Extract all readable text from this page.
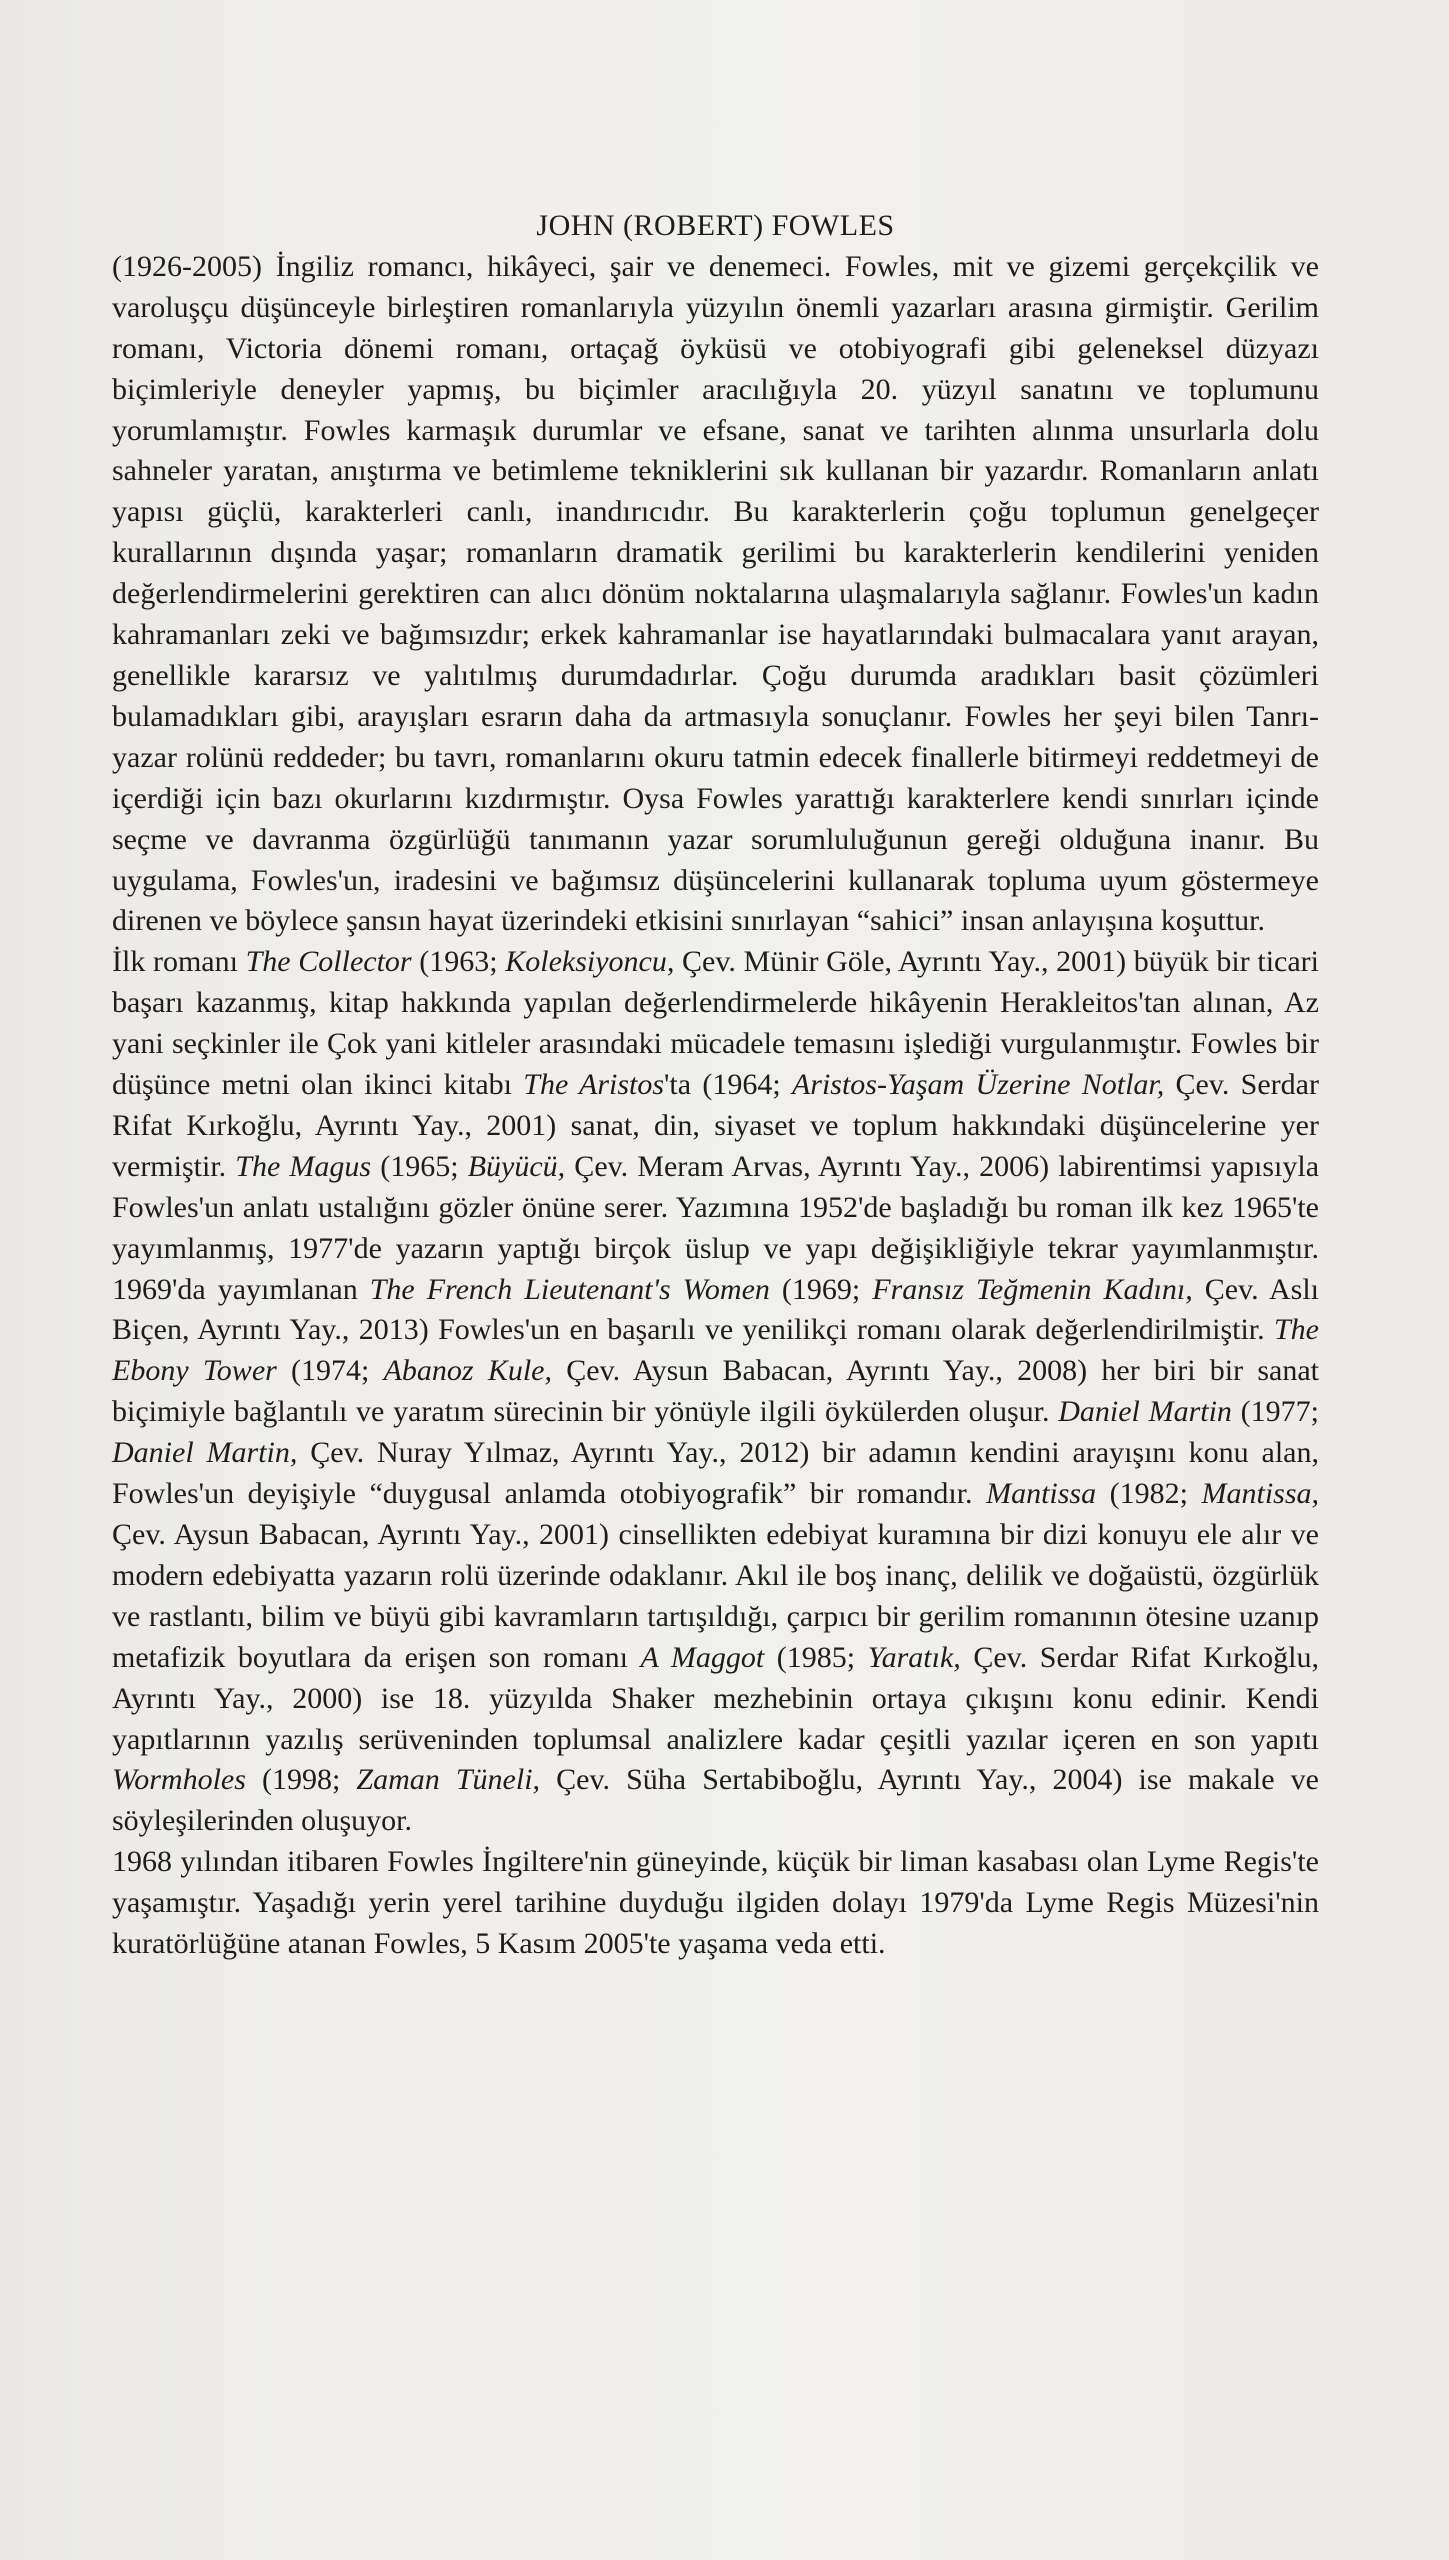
JOHN (ROBERT) FOWLES

(1926-2005) İngiliz romancı, hikâyeci, şair ve denemeci. Fowles, mit ve gizemi gerçekçilik ve varoluşçu düşünceyle birleştiren romanlarıyla yüzyılın önemli yazarları arasına girmiştir. Gerilim romanı, Victoria dönemi romanı, ortaçağ öyküsü ve otobiyografi gibi geleneksel düzyazı biçimleriyle deneyler yapmış, bu biçimler aracılığıyla 20. yüzyıl sanatını ve toplumunu yorumlamıştır. Fowles karmaşık durumlar ve efsane, sanat ve tarihten alınma unsurlarla dolu sahneler yaratan, anıştırma ve betimleme tekniklerini sık kullanan bir yazardır. Romanların anlatı yapısı güçlü, karakterleri canlı, inandırıcıdır. Bu karakterlerin çoğu toplumun genelgeçer kurallarının dışında yaşar; romanların dramatik gerilimi bu karakterlerin kendilerini yeniden değerlendirmelerini gerektiren can alıcı dönüm noktalarına ulaşmalarıyla sağlanır. Fowles'un kadın kahramanları zeki ve bağımsızdır; erkek kahramanlar ise hayatlarındaki bulmacalara yanıt arayan, genellikle kararsız ve yalıtılmış durumdadırlar. Çoğu durumda aradıkları basit çözümleri bulamadıkları gibi, arayışları esrarın daha da artmasıyla sonuçlanır. Fowles her şeyi bilen Tanrı-yazar rolünü reddeder; bu tavrı, romanlarını okuru tatmin edecek finallerle bitirmeyi reddetmeyi de içerdiği için bazı okurlarını kızdırmıştır. Oysa Fowles yarattığı karakterlere kendi sınırları içinde seçme ve davranma özgürlüğü tanımanın yazar sorumluluğunun gereği olduğuna inanır. Bu uygulama, Fowles'un, iradesini ve bağımsız düşüncelerini kullanarak topluma uyum göstermeye direnen ve böylece şansın hayat üzerindeki etkisini sınırlayan “sahici” insan anlayışına koşuttur.

İlk romanı The Collector (1963; Koleksiyoncu, Çev. Münir Göle, Ayrıntı Yay., 2001) büyük bir ticari başarı kazanmış, kitap hakkında yapılan değerlendirmelerde hikâyenin Herakleitos'tan alınan, Az yani seçkinler ile Çok yani kitleler arasındaki mücadele temasını işlediği vurgulanmıştır. Fowles bir düşünce metni olan ikinci kitabı The Aristos'ta (1964; Aristos-Yaşam Üzerine Notlar, Çev. Serdar Rifat Kırkoğlu, Ayrıntı Yay., 2001) sanat, din, siyaset ve toplum hakkındaki düşüncelerine yer vermiştir. The Magus (1965; Büyücü, Çev. Meram Arvas, Ayrıntı Yay., 2006) labirentimsi yapısıyla Fowles'un anlatı ustalığını gözler önüne serer. Yazımına 1952'de başladığı bu roman ilk kez 1965'te yayımlanmış, 1977'de yazarın yaptığı birçok üslup ve yapı değişikliğiyle tekrar yayımlanmıştır. 1969'da yayımlanan The French Lieutenant's Women (1969; Fransız Teğmenin Kadını, Çev. Aslı Biçen, Ayrıntı Yay., 2013) Fowles'un en başarılı ve yenilikçi romanı olarak değerlendirilmiştir. The Ebony Tower (1974; Abanoz Kule, Çev. Aysun Babacan, Ayrıntı Yay., 2008) her biri bir sanat biçimiyle bağlantılı ve yaratım sürecinin bir yönüyle ilgili öykülerden oluşur. Daniel Martin (1977; Daniel Martin, Çev. Nuray Yılmaz, Ayrıntı Yay., 2012) bir adamın kendini arayışını konu alan, Fowles'un deyişiyle “duygusal anlamda otobiyografik” bir romandır. Mantissa (1982; Mantissa, Çev. Aysun Babacan, Ayrıntı Yay., 2001) cinsellikten edebiyat kuramına bir dizi konuyu ele alır ve modern edebiyatta yazarın rolü üzerinde odaklanır. Akıl ile boş inanç, delilik ve doğaüstü, özgürlük ve rastlantı, bilim ve büyü gibi kavramların tartışıldığı, çarpıcı bir gerilim romanının ötesine uzanıp metafizik boyutlara da erişen son romanı A Maggot (1985; Yaratık, Çev. Serdar Rifat Kırkoğlu, Ayrıntı Yay., 2000) ise 18. yüzyılda Shaker mezhebinin ortaya çıkışını konu edinir. Kendi yapıtlarının yazılış serüveninden toplumsal analizlere kadar çeşitli yazılar içeren en son yapıtı Wormholes (1998; Zaman Tüneli, Çev. Süha Sertabiboğlu, Ayrıntı Yay., 2004) ise makale ve söyleşilerinden oluşuyor.

1968 yılından itibaren Fowles İngiltere'nin güneyinde, küçük bir liman kasabası olan Lyme Regis'te yaşamıştır. Yaşadığı yerin yerel tarihine duyduğu ilgiden dolayı 1979'da Lyme Regis Müzesi'nin kuratörlüğüne atanan Fowles, 5 Kasım 2005'te yaşama veda etti.
